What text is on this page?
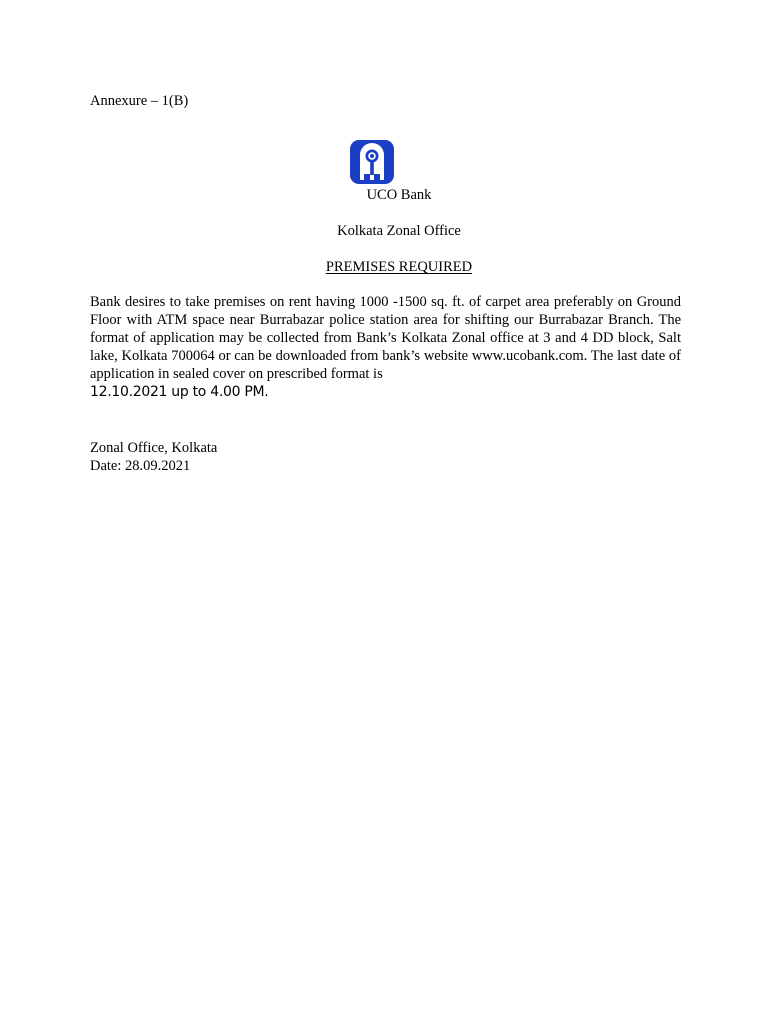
Annexure – 1(B)
UCO Bank
Kolkata Zonal Office
PREMISES REQUIRED
Bank desires to take premises on rent having 1000 -1500 sq. ft. of carpet area preferably on Ground Floor with ATM space near Burrabazar police station area for shifting our Burrabazar Branch. The format of application may be collected from Bank’s Kolkata Zonal office at 3 and 4 DD block, Salt lake, Kolkata 700064 or can be downloaded from bank’s website www.ucobank.com. The last date of application in sealed cover on prescribed format is
12.10.2021 up to 4.00 PM.
Zonal Office, Kolkata
Date: 28.09.2021
